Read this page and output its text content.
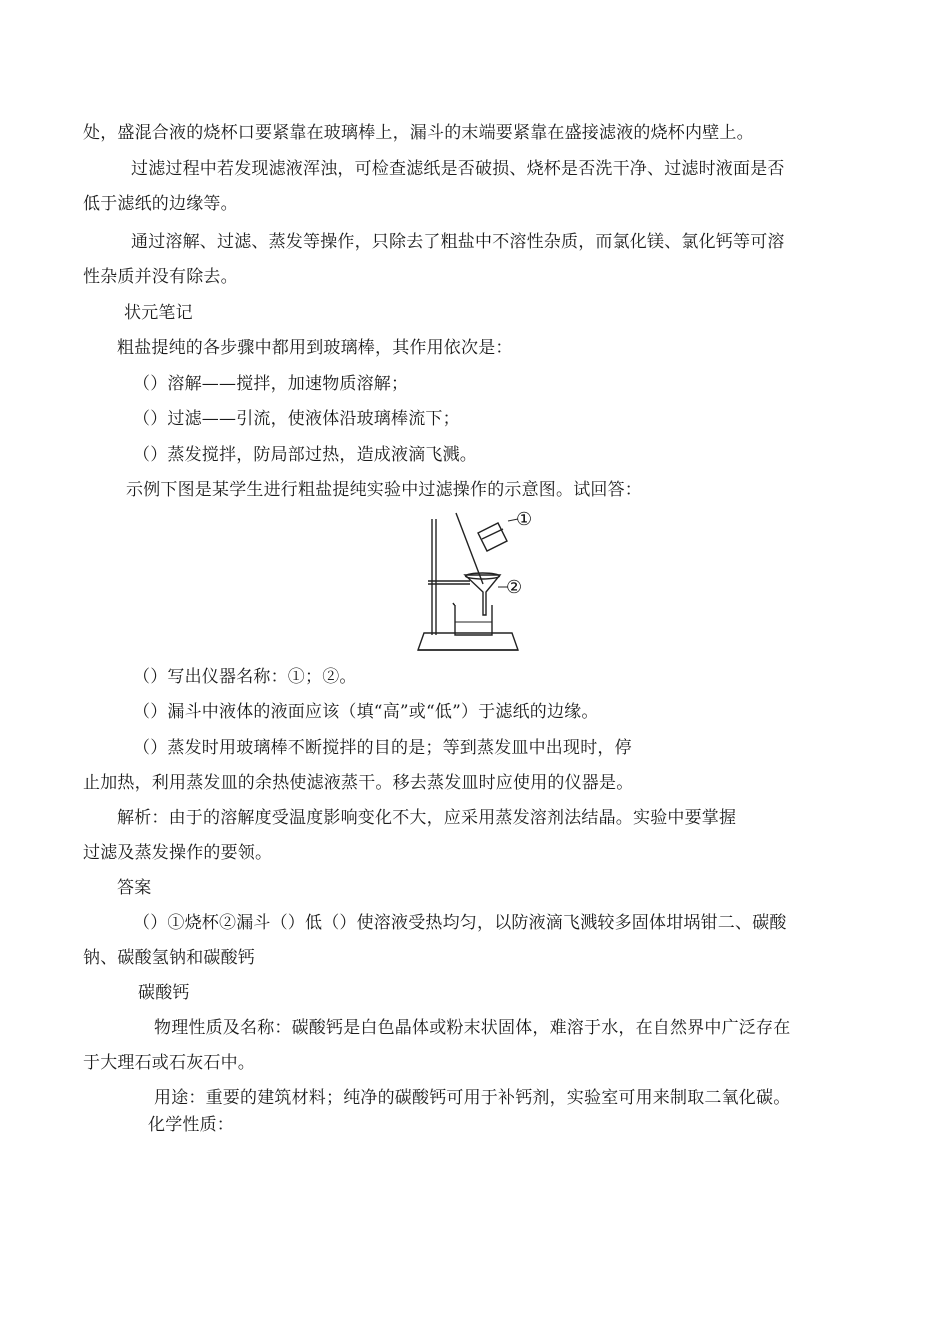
处，盛混合液的烧杯口要紧靠在玻璃棒上，漏斗的末端要紧靠在盛接滤液的烧杯内壁上。

过滤过程中若发现滤液浑浊，可检查滤纸是否破损、烧杯是否洗干净、过滤时液面是否

低于滤纸的边缘等。

通过溶解、过滤、蒸发等操作，只除去了粗盐中不溶性杂质，而氯化镁、氯化钙等可溶

性杂质并没有除去。

状元笔记

粗盐提纯的各步骤中都用到玻璃棒，其作用依次是：

（）溶解——搅拌，加速物质溶解；

（）过滤——引流，使液体沿玻璃棒流下；

（）蒸发搅拌，防局部过热，造成液滴飞溅。

示例下图是某学生进行粗盐提纯实验中过滤操作的示意图。试回答：

①
②

（）写出仪器名称：①；②。

（）漏斗中液体的液面应该（填“高”或“低”）于滤纸的边缘。

（）蒸发时用玻璃棒不断搅拌的目的是；等到蒸发皿中出现时，停

止加热，利用蒸发皿的余热使滤液蒸干。移去蒸发皿时应使用的仪器是。

解析：由于的溶解度受温度影响变化不大，应采用蒸发溶剂法结晶。实验中要掌握

过滤及蒸发操作的要领。

答案

（）①烧杯②漏斗（）低（）使溶液受热均匀，以防液滴飞溅较多固体坩埚钳二、碳酸

钠、碳酸氢钠和碳酸钙

碳酸钙

物理性质及名称：碳酸钙是白色晶体或粉末状固体，难溶于水，在自然界中广泛存在

于大理石或石灰石中。

用途：重要的建筑材料；纯净的碳酸钙可用于补钙剂，实验室可用来制取二氧化碳。

化学性质：
